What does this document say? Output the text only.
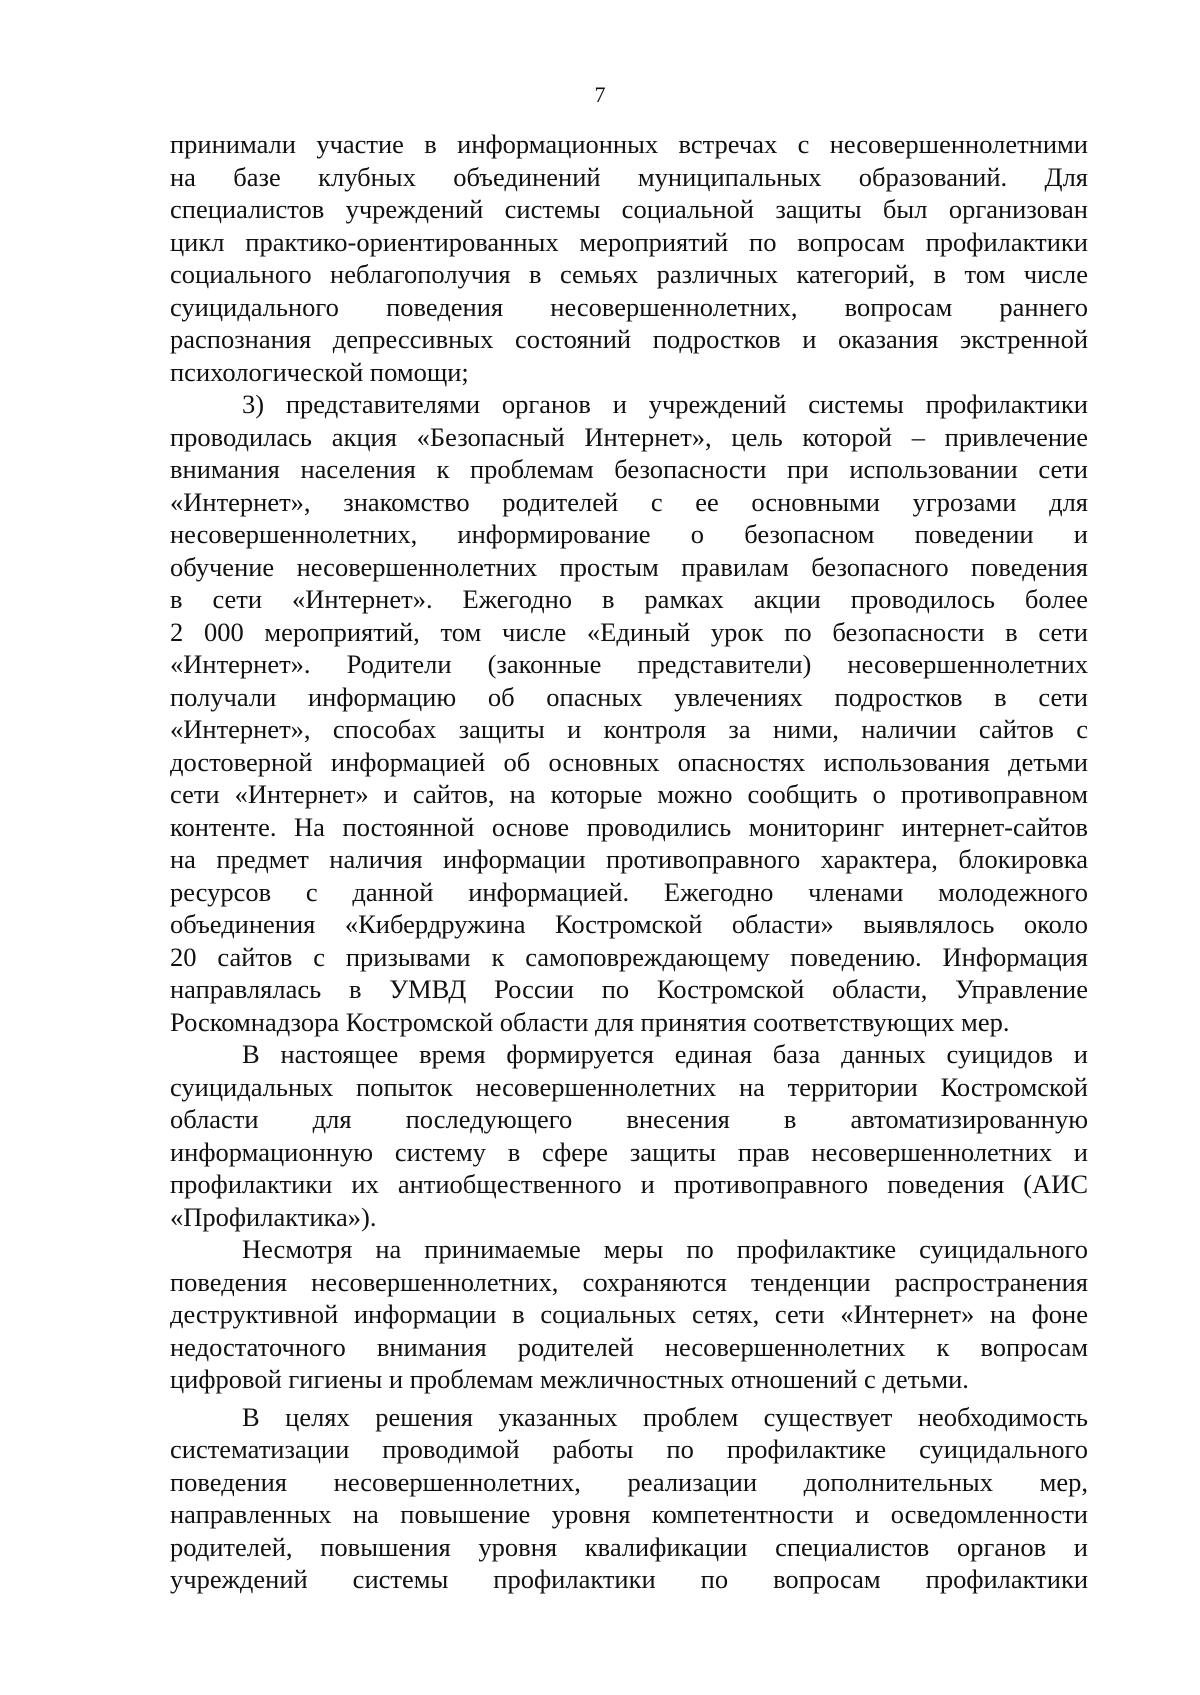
7
принимали участие в информационных встречах с несовершеннолетними
на базе клубных объединений муниципальных образований. Для
специалистов учреждений системы социальной защиты был организован
цикл практико-ориентированных мероприятий по вопросам профилактики
социального неблагополучия в семьях различных категорий, в том числе
суицидального поведения несовершеннолетних, вопросам раннего
распознания депрессивных состояний подростков и оказания экстренной
психологической помощи;
3) представителями органов и учреждений системы профилактики
проводилась акция «Безопасный Интернет», цель которой – привлечение
внимания населения к проблемам безопасности при использовании сети
«Интернет», знакомство родителей с ее основными угрозами для
несовершеннолетних, информирование о безопасном поведении и
обучение несовершеннолетних простым правилам безопасного поведения
в сети «Интернет». Ежегодно в рамках акции проводилось более
2 000 мероприятий, том числе «Единый урок по безопасности в сети
«Интернет». Родители (законные представители) несовершеннолетних
получали информацию об опасных увлечениях подростков в сети
«Интернет», способах защиты и контроля за ними, наличии сайтов с
достоверной информацией об основных опасностях использования детьми
сети «Интернет» и сайтов, на которые можно сообщить о противоправном
контенте. На постоянной основе проводились мониторинг интернет-сайтов
на предмет наличия информации противоправного характера, блокировка
ресурсов с данной информацией. Ежегодно членами молодежного
объединения «Кибердружина Костромской области» выявлялось около
20 сайтов с призывами к самоповреждающему поведению. Информация
направлялась в УМВД России по Костромской области, Управление
Роскомнадзора Костромской области для принятия соответствующих мер.
В настоящее время формируется единая база данных суицидов и
суицидальных попыток несовершеннолетних на территории Костромской
области для последующего внесения в автоматизированную
информационную систему в сфере защиты прав несовершеннолетних и
профилактики их антиобщественного и противоправного поведения (АИС
«Профилактика»).
Несмотря на принимаемые меры по профилактике суицидального
поведения несовершеннолетних, сохраняются тенденции распространения
деструктивной информации в социальных сетях, сети «Интернет» на фоне
недостаточного внимания родителей несовершеннолетних к вопросам
цифровой гигиены и проблемам межличностных отношений с детьми.
В целях решения указанных проблем существует необходимость
систематизации проводимой работы по профилактике суицидального
поведения несовершеннолетних, реализации дополнительных мер,
направленных на повышение уровня компетентности и осведомленности
родителей, повышения уровня квалификации специалистов органов и
учреждений системы профилактики по вопросам профилактики
